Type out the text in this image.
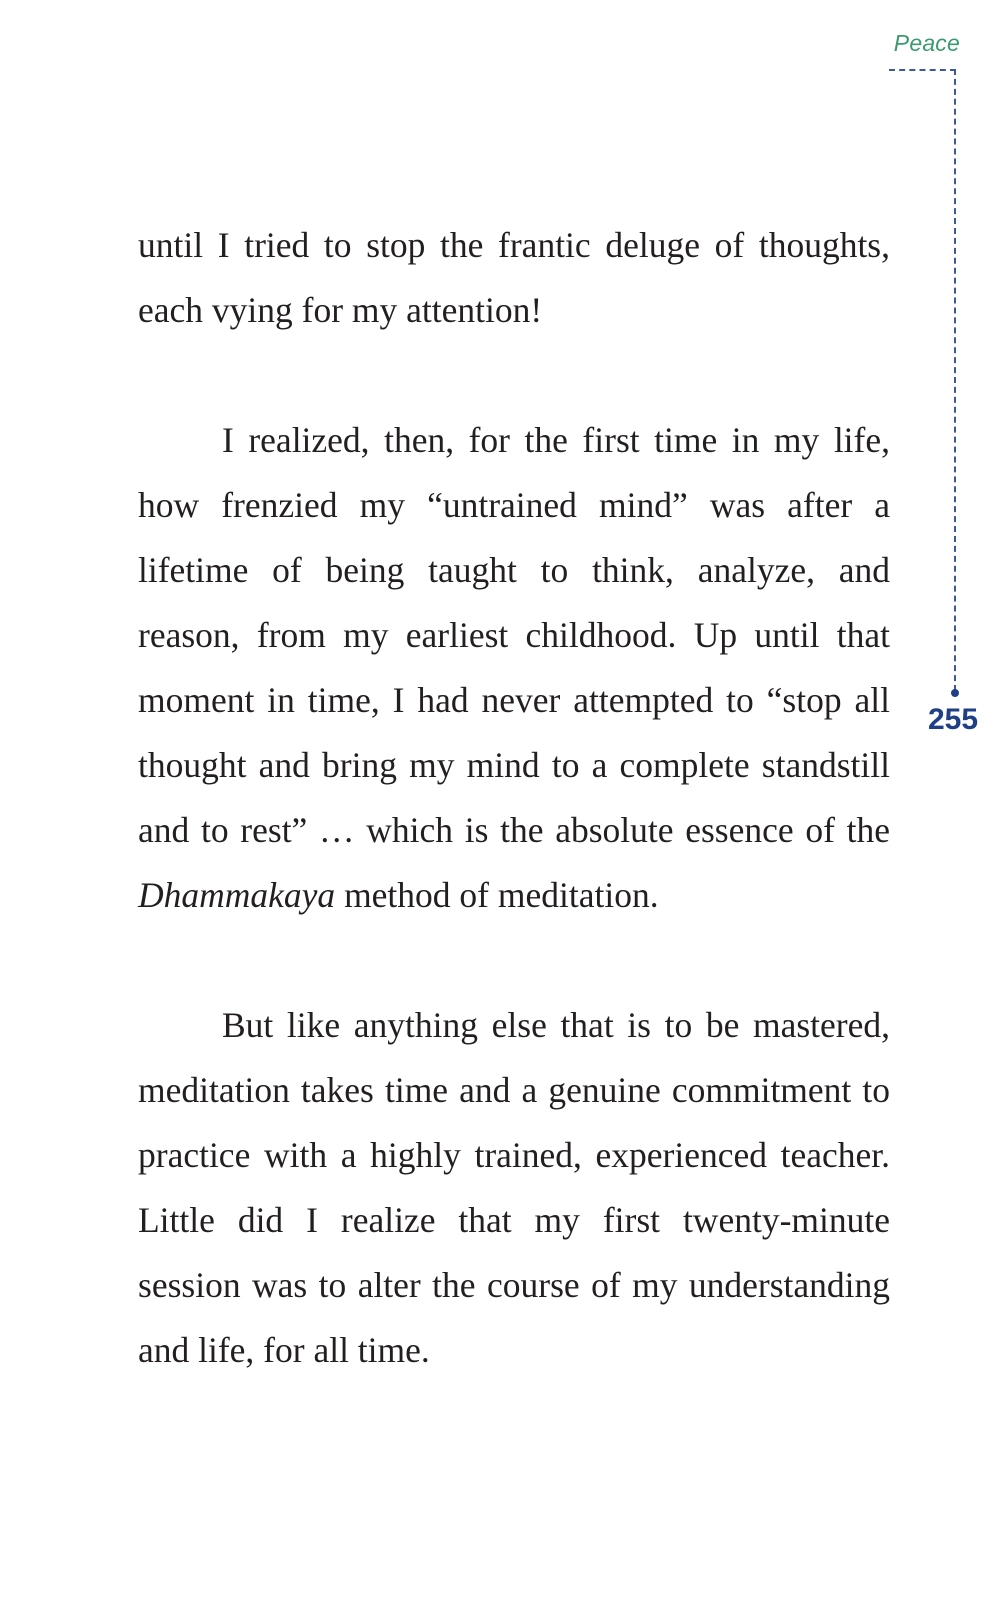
Peace
255

until I tried to stop the frantic deluge of thoughts, each vying for my attention!

I realized, then, for the first time in my life, how frenzied my “untrained mind” was after a lifetime of being taught to think, analyze, and reason, from my earliest childhood. Up until that moment in time, I had never attempted to “stop all thought and bring my mind to a complete standstill and to rest” … which is the absolute essence of the Dhammakaya method of meditation.

But like anything else that is to be mastered, meditation takes time and a genuine commitment to practice with a highly trained, experienced teacher. Little did I realize that my first twenty-minute session was to alter the course of my understanding and life, for all time.
